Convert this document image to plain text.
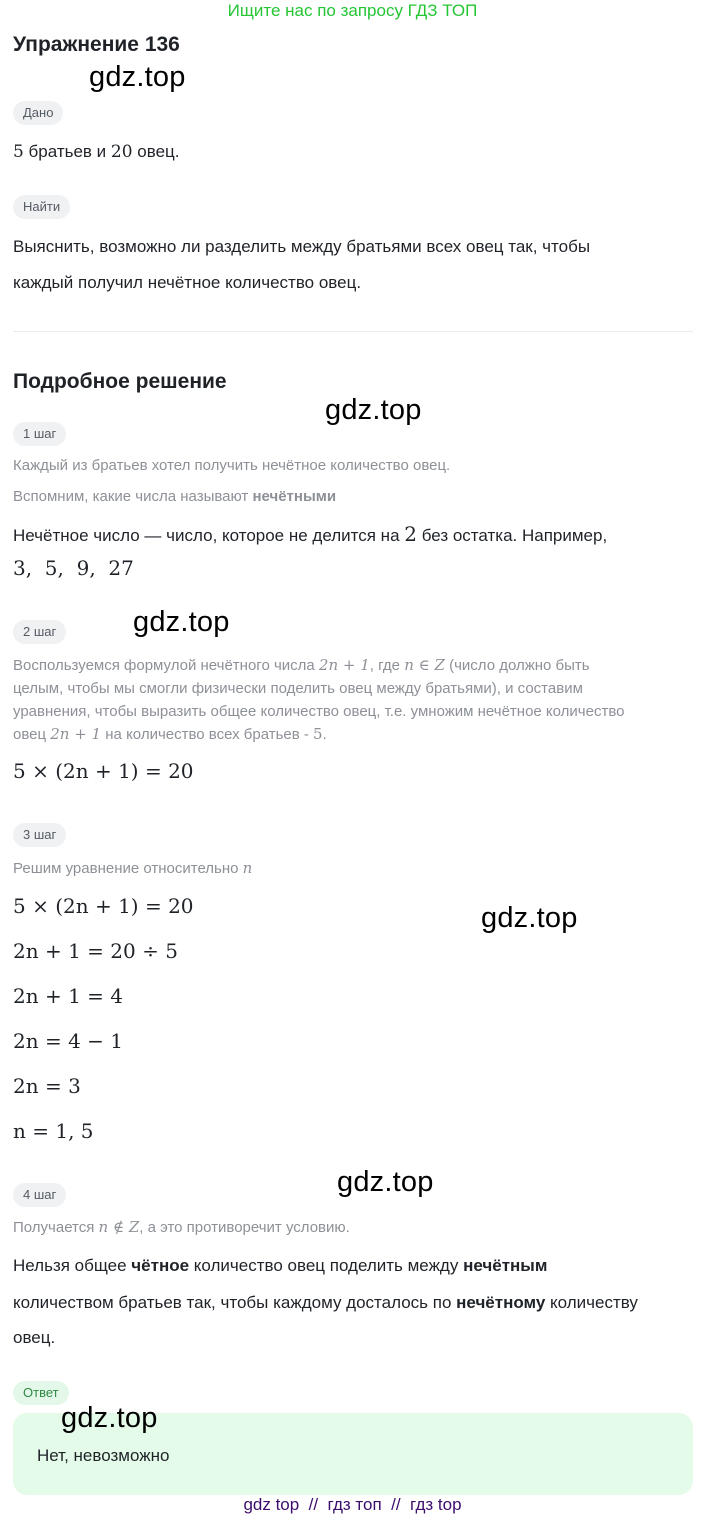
Ищите нас по запросу ГДЗ ТОП
Упражнение 136
gdz.top
Дано
5 братьев и 20 овец.
Найти
Выяснить, возможно ли разделить между братьями всех овец так, чтобы
каждый получил нечётное количество овец.
Подробное решение
gdz.top
1 шаг
Каждый из братьев хотел получить нечётное количество овец.
Вспомним, какие числа называют нечётными
Нечётное число — число, которое не делится на 2 без остатка. Например,
3,  5,  9,  27
gdz.top
2 шаг
Воспользуемся формулой нечётного числа 2n + 1, где n ∈ Z (число должно быть
целым, чтобы мы смогли физически поделить овец между братьями), и составим
уравнения, чтобы выразить общее количество овец, т.е. умножим нечётное количество
овец 2n + 1 на количество всех братьев - 5.
5 × (2n + 1) = 20
3 шаг
Решим уравнение относительно n
5 × (2n + 1) = 20	gdz.top
2n + 1 = 20 ÷ 5
2n + 1 = 4
2n = 4 − 1
2n = 3
n = 1, 5
gdz.top
4 шаг
Получается n ∉ Z, а это противоречит условию.
Нельзя общее чётное количество овец поделить между нечётным
количеством братьев так, чтобы каждому досталось по нечётному количеству
овец.
Ответ
gdz.top
Нет, невозможно
gdz top  //  гдз топ  //  гдз top
